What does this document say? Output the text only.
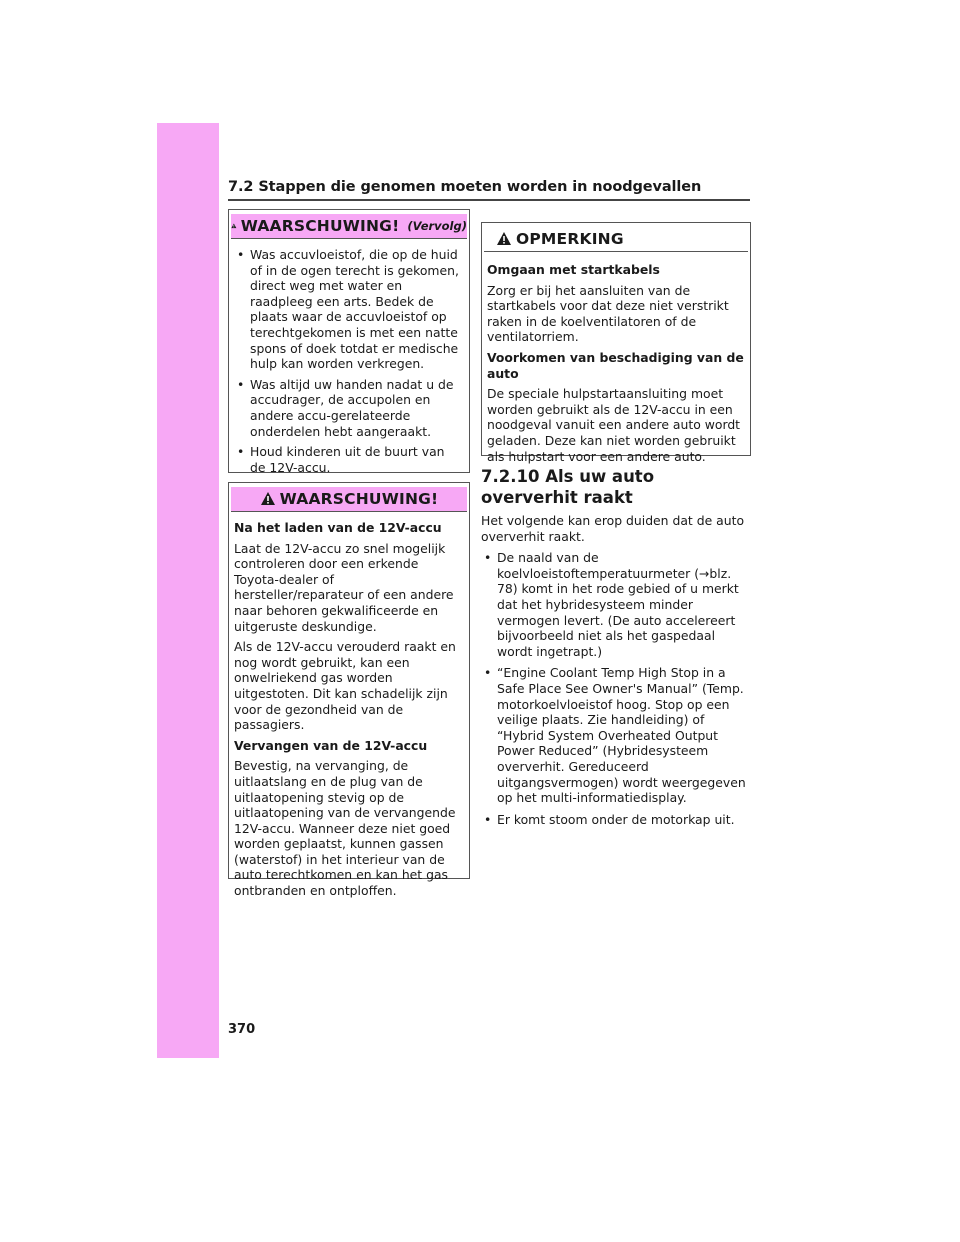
7.2 Stappen die genomen moeten worden in noodgevallen
WAARSCHUWING! (Vervolg)
• Was accuvloeistof, die op de huid of in de ogen terecht is gekomen, direct weg met water en raadpleeg een arts. Bedek de plaats waar de accuvloeistof op terechtgekomen is met een natte spons of doek totdat er medische hulp kan worden verkregen.
• Was altijd uw handen nadat u de accudrager, de accupolen en andere accu-gerelateerde onderdelen hebt aangeraakt.
• Houd kinderen uit de buurt van de 12V-accu.
WAARSCHUWING!

Na het laden van de 12V-accu

Laat de 12V-accu zo snel mogelijk controleren door een erkende Toyota-dealer of hersteller/reparateur of een andere naar behoren gekwalificeerde en uitgeruste deskundige.

Als de 12V-accu verouderd raakt en nog wordt gebruikt, kan een onwelriekend gas worden uitgestoten. Dit kan schadelijk zijn voor de gezondheid van de passagiers.

Vervangen van de 12V-accu

Bevestig, na vervanging, de uitlaatslang en de plug van de uitlaatopening stevig op de uitlaatopening van de vervangende 12V-accu. Wanneer deze niet goed worden geplaatst, kunnen gassen (waterstof) in het interieur van de auto terechtkomen en kan het gas ontbranden en ontploffen.

OPMERKING

Omgaan met startkabels

Zorg er bij het aansluiten van de startkabels voor dat deze niet verstrikt raken in de koelventilatoren of de ventilatorriem.

Voorkomen van beschadiging van de auto

De speciale hulpstartaansluiting moet worden gebruikt als de 12V-accu in een noodgeval vanuit een andere auto wordt geladen. Deze kan niet worden gebruikt als hulpstart voor een andere auto.

7.2.10 Als uw auto oververhit raakt

Het volgende kan erop duiden dat de auto oververhit raakt.

• De naald van de koelvloeistoftemperatuurmeter (→blz. 78) komt in het rode gebied of u merkt dat het hybridesysteem minder vermogen levert. (De auto accelereert bijvoorbeeld niet als het gaspedaal wordt ingetrapt.)
• “Engine Coolant Temp High Stop in a Safe Place See Owner's Manual” (Temp. motorkoelvloeistof hoog. Stop op een veilige plaats. Zie handleiding) of “Hybrid System Overheated Output Power Reduced” (Hybridesysteem oververhit. Gereduceerd uitgangsvermogen) wordt weergegeven op het multi-informatiedisplay.
• Er komt stoom onder de motorkap uit.
370
